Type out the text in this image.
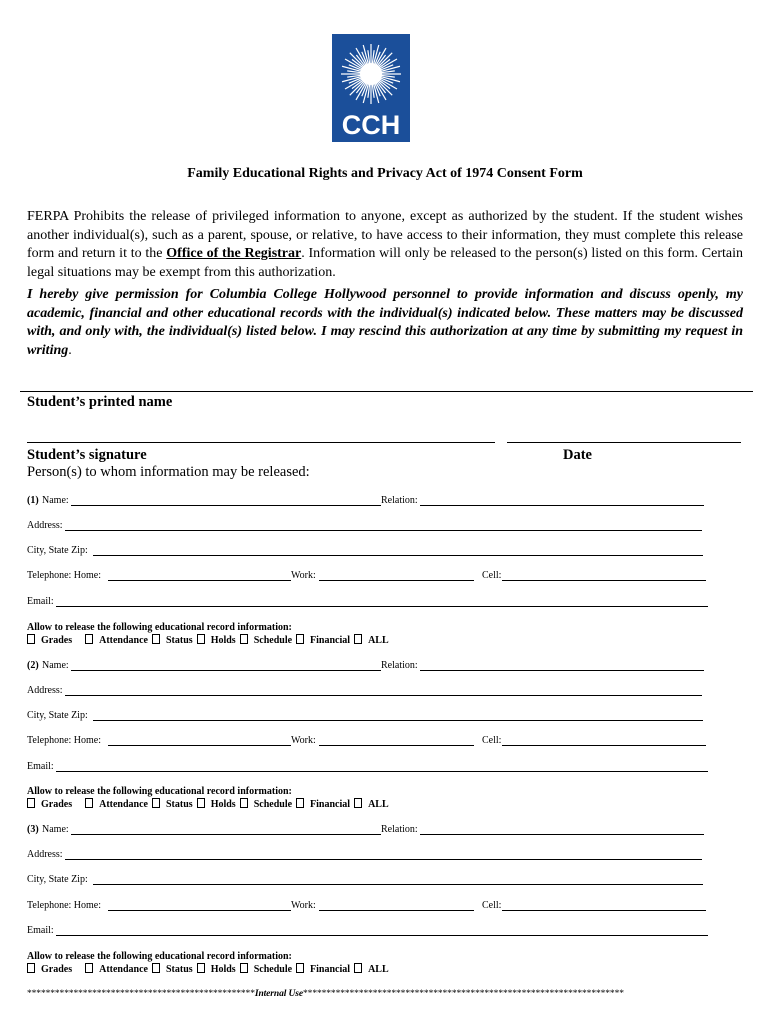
CCH
Family Educational Rights and Privacy Act of 1974 Consent Form
FERPA Prohibits the release of privileged information to anyone, except as authorized by the student. If the student wishes another individual(s), such as a parent, spouse, or relative, to have access to their information, they must complete this release form and return it to the Office of the Registrar. Information will only be released to the person(s) listed on this form. Certain legal situations may be exempt from this authorization.
I hereby give permission for Columbia College Hollywood personnel to provide information and discuss openly, my academic, financial and other educational records with the individual(s) indicated below. These matters may be discussed with, and only with, the individual(s) listed below. I may rescind this authorization at any time by submitting my request in writing.
Student’s printed name
Student’s signature	Date
Person(s) to whom information may be released:
(1) Name:	Relation:
Address:
City, State Zip:
Telephone: Home:	Work:	Cell:
Email:
Allow to release the following educational record information:
Grades	Attendance Status Holds Schedule Financial ALL
(2) Name:	Relation:
Address:
City, State Zip:
Telephone: Home:	Work:	Cell:
Email:
Allow to release the following educational record information:
Grades	Attendance Status Holds Schedule Financial ALL
(3) Name:	Relation:
Address:
City, State Zip:
Telephone: Home:	Work:	Cell:
Email:
Allow to release the following educational record information:
Grades	Attendance Status Holds Schedule Financial ALL
*************************************************Internal Use*********************************************************************
